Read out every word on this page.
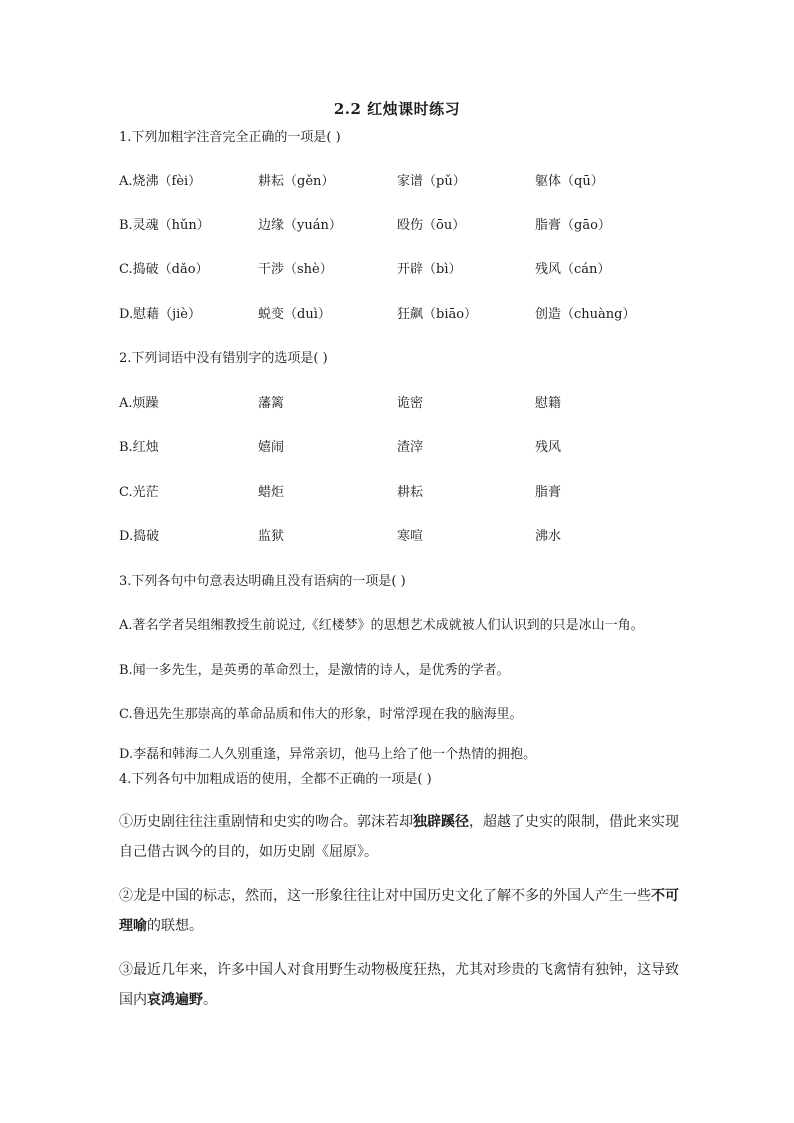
2.2 红烛课时练习
1.下列加粗字注音完全正确的一项是( )
A.烧沸（fèi）	耕耘（gěn）	家谱（pǔ）	躯体（qū）
B.灵魂（hǔn）	边缘（yuán）	殴伤（ōu）	脂膏（gāo）
C.捣破（dǎo）	干涉（shè）	开辟（bì）	残风（cán）
D.慰藉（jiè）	蜕变（duì）	狂飙（biāo）	创造（chuàng）
2.下列词语中没有错别字的选项是( )
A.烦躁	藩篱	诡密	慰籍
B.红烛	嬉闹	渣滓	残风
C.光茫	蜡炬	耕耘	脂膏
D.捣破	监狱	寒喧	沸水
3.下列各句中句意表达明确且没有语病的一项是( )
A.著名学者吴组缃教授生前说过,《红楼梦》的思想艺术成就被人们认识到的只是冰山一角。
B.闻一多先生，是英勇的革命烈士，是激情的诗人，是优秀的学者。
C.鲁迅先生那崇高的革命品质和伟大的形象，时常浮现在我的脑海里。
D.李磊和韩海二人久别重逢，异常亲切，他马上给了他一个热情的拥抱。
4.下列各句中加粗成语的使用，全都不正确的一项是( )
①历史剧往往注重剧情和史实的吻合。郭沫若却独辟蹊径，超越了史实的限制，借此来实现
自己借古讽今的目的，如历史剧《屈原》。
②龙是中国的标志，然而，这一形象往往让对中国历史文化了解不多的外国人产生一些不可
理喻的联想。
③最近几年来，许多中国人对食用野生动物极度狂热，尤其对珍贵的飞禽情有独钟，这导致
国内哀鸿遍野。
